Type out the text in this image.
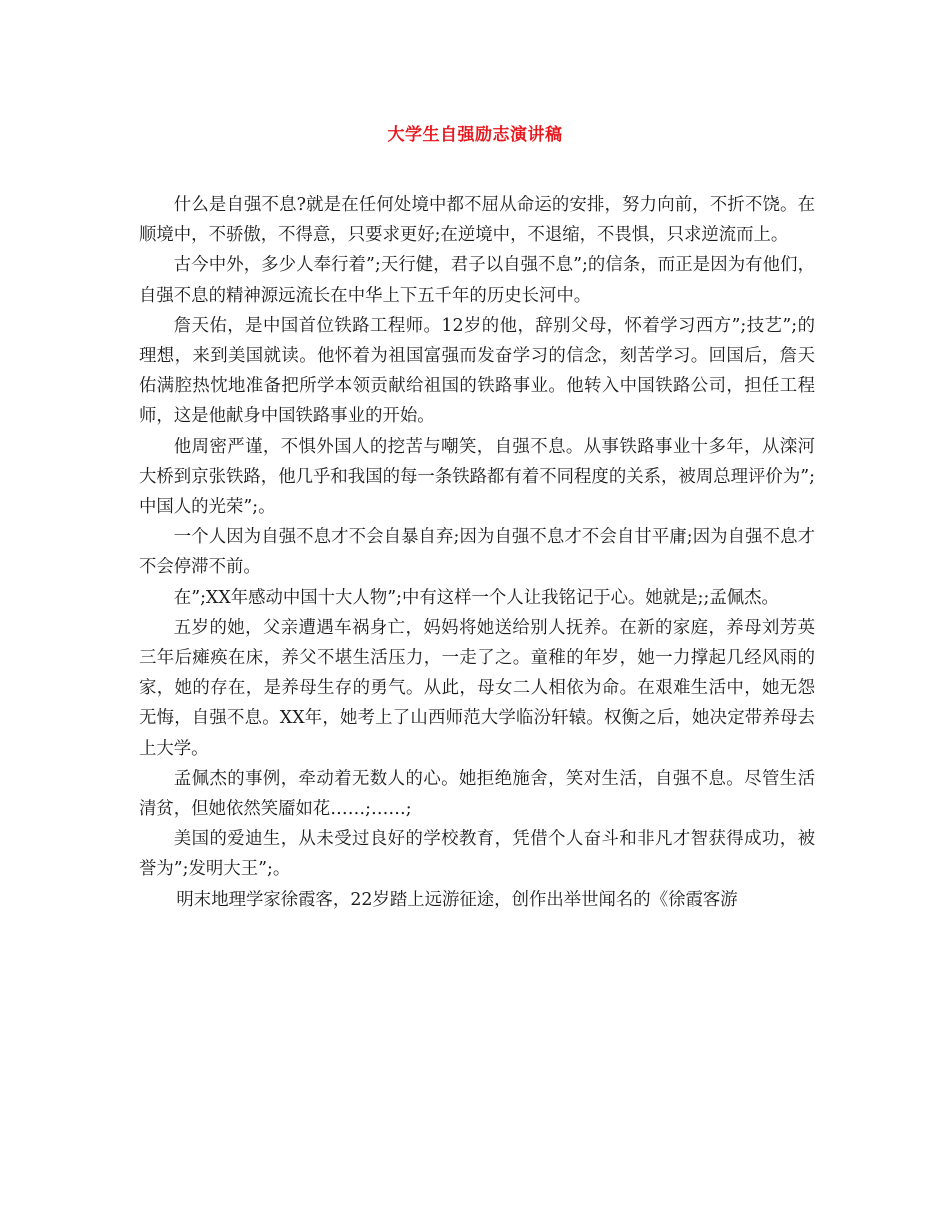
大学生自强励志演讲稿

什么是自强不息?就是在任何处境中都不屈从命运的安排，努力向前，不折不饶。在顺境中，不骄傲，不得意，只要求更好;在逆境中，不退缩，不畏惧，只求逆流而上。

古今中外，多少人奉行着”;天行健，君子以自强不息”;的信条，而正是因为有他们，自强不息的精神源远流长在中华上下五千年的历史长河中。

詹天佑，是中国首位铁路工程师。12岁的他，辞别父母，怀着学习西方”;技艺”;的理想，来到美国就读。他怀着为祖国富强而发奋学习的信念，刻苦学习。回国后，詹天佑满腔热忱地准备把所学本领贡献给祖国的铁路事业。他转入中国铁路公司，担任工程师，这是他献身中国铁路事业的开始。

他周密严谨，不惧外国人的挖苦与嘲笑，自强不息。从事铁路事业十多年，从滦河大桥到京张铁路，他几乎和我国的每一条铁路都有着不同程度的关系，被周总理评价为”;中国人的光荣”;。

一个人因为自强不息才不会自暴自弃;因为自强不息才不会自甘平庸;因为自强不息才不会停滞不前。

在”;XX年感动中国十大人物”;中有这样一个人让我铭记于心。她就是;;孟佩杰。

五岁的她，父亲遭遇车祸身亡，妈妈将她送给别人抚养。在新的家庭，养母刘芳英三年后瘫痪在床，养父不堪生活压力，一走了之。童稚的年岁，她一力撑起几经风雨的家，她的存在，是养母生存的勇气。从此，母女二人相依为命。在艰难生活中，她无怨无悔，自强不息。XX年，她考上了山西师范大学临汾轩辕。权衡之后，她决定带养母去上大学。

孟佩杰的事例，牵动着无数人的心。她拒绝施舍，笑对生活，自强不息。尽管生活清贫，但她依然笑靥如花……;……;

美国的爱迪生，从未受过良好的学校教育，凭借个人奋斗和非凡才智获得成功，被誉为”;发明大王”;。

明末地理学家徐霞客，22岁踏上远游征途，创作出举世闻名的《徐霞客游
